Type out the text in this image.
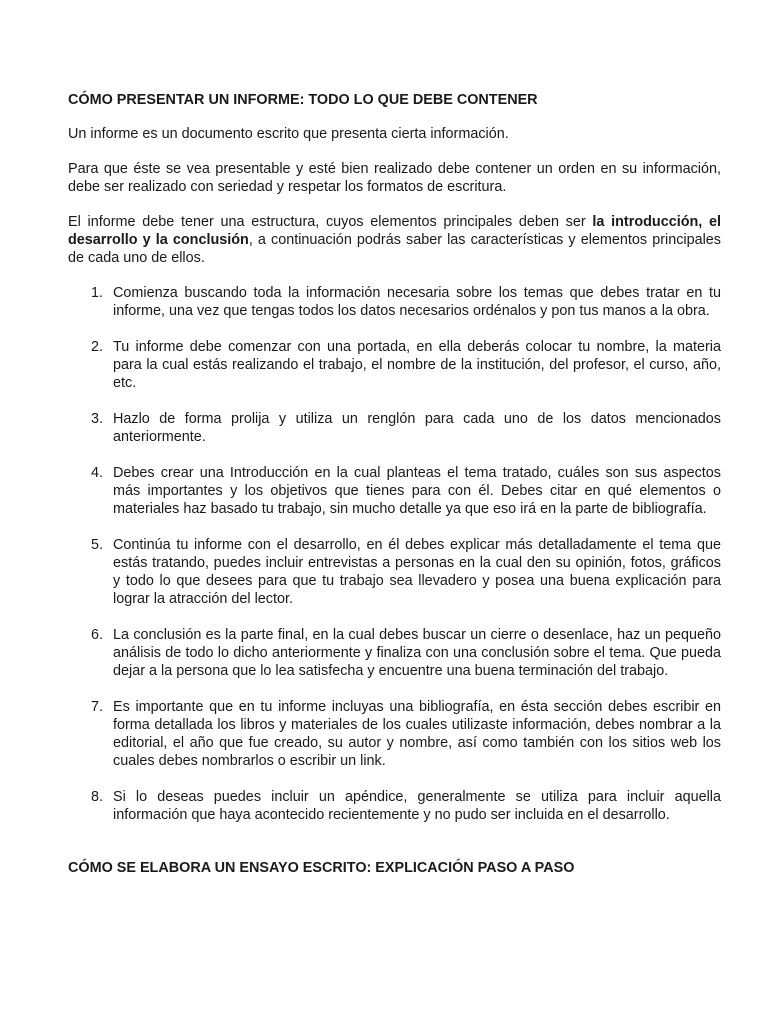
CÓMO PRESENTAR UN INFORME: TODO LO QUE DEBE CONTENER
Un informe es un documento escrito que presenta cierta información.
Para que éste se vea presentable y esté bien realizado debe contener un orden en su información, debe ser realizado con seriedad y respetar los formatos de escritura.
El informe debe tener una estructura, cuyos elementos principales deben ser la introducción, el desarrollo y la conclusión, a continuación podrás saber las características y elementos principales de cada uno de ellos.
1. Comienza buscando toda la información necesaria sobre los temas que debes tratar en tu informe, una vez que tengas todos los datos necesarios ordénalos y pon tus manos a la obra.
2. Tu informe debe comenzar con una portada, en ella deberás colocar tu nombre, la materia para la cual estás realizando el trabajo, el nombre de la institución, del profesor, el curso, año, etc.
3. Hazlo de forma prolija y utiliza un renglón para cada uno de los datos mencionados anteriormente.
4. Debes crear una Introducción en la cual planteas el tema tratado, cuáles son sus aspectos más importantes y los objetivos que tienes para con él. Debes citar en qué elementos o materiales haz basado tu trabajo, sin mucho detalle ya que eso irá en la parte de bibliografía.
5. Continúa tu informe con el desarrollo, en él debes explicar más detalladamente el tema que estás tratando, puedes incluir entrevistas a personas en la cual den su opinión, fotos, gráficos y todo lo que desees para que tu trabajo sea llevadero y posea una buena explicación para lograr la atracción del lector.
6. La conclusión es la parte final, en la cual debes buscar un cierre o desenlace, haz un pequeño análisis de todo lo dicho anteriormente y finaliza con una conclusión sobre el tema. Que pueda dejar a la persona que lo lea satisfecha y encuentre una buena terminación del trabajo.
7. Es importante que en tu informe incluyas una bibliografía, en ésta sección debes escribir en forma detallada los libros y materiales de los cuales utilizaste información, debes nombrar a la editorial, el año que fue creado, su autor y nombre, así como también con los sitios web los cuales debes nombrarlos o escribir un link.
8. Si lo deseas puedes incluir un apéndice, generalmente se utiliza para incluir aquella información que haya acontecido recientemente y no pudo ser incluida en el desarrollo.
CÓMO SE ELABORA UN ENSAYO ESCRITO: EXPLICACIÓN PASO A PASO
